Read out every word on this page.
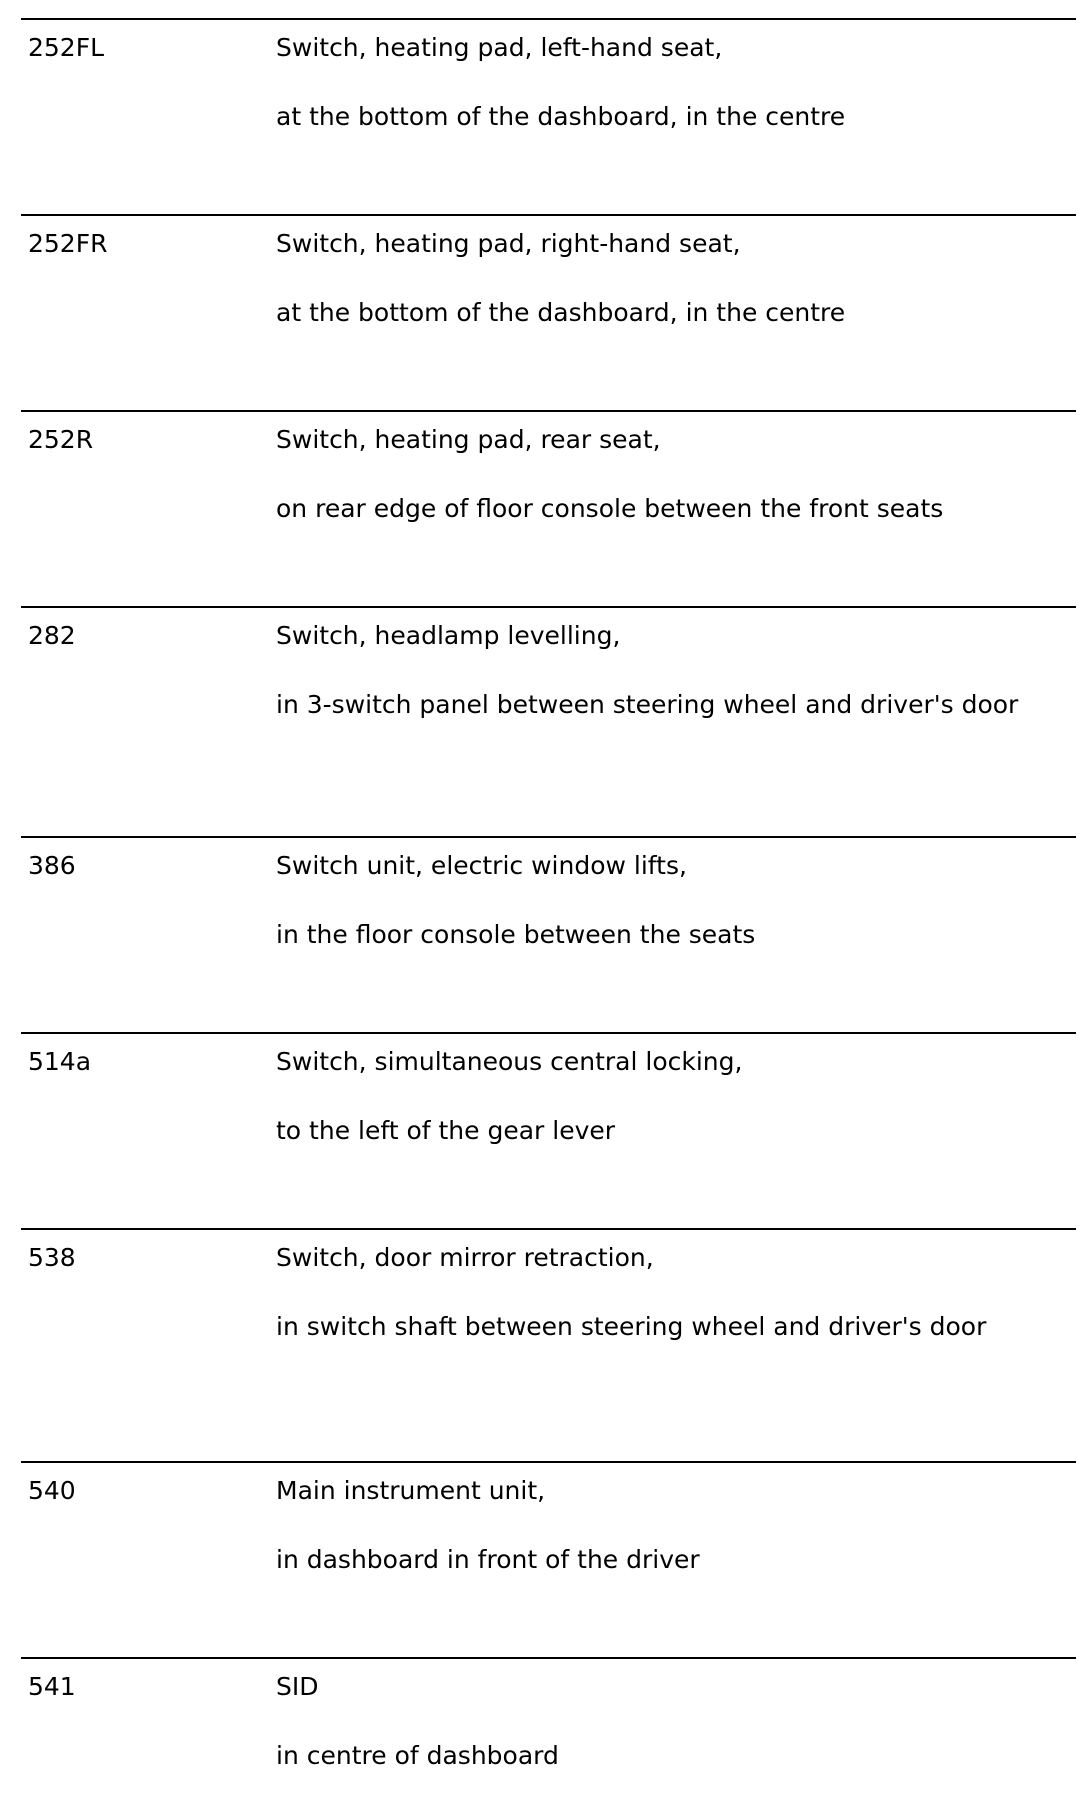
252FL	Switch, heating pad, left-hand seat,
at the bottom of the dashboard, in the centre
252FR	Switch, heating pad, right-hand seat,
at the bottom of the dashboard, in the centre
252R	Switch, heating pad, rear seat,
on rear edge of floor console between the front seats
282	Switch, headlamp levelling,
in 3-switch panel between steering wheel and driver's door
386	Switch unit, electric window lifts,
in the floor console between the seats
514a	Switch, simultaneous central locking,
to the left of the gear lever
538	Switch, door mirror retraction,
in switch shaft between steering wheel and driver's door
540	Main instrument unit,
in dashboard in front of the driver
541	SID
in centre of dashboard
